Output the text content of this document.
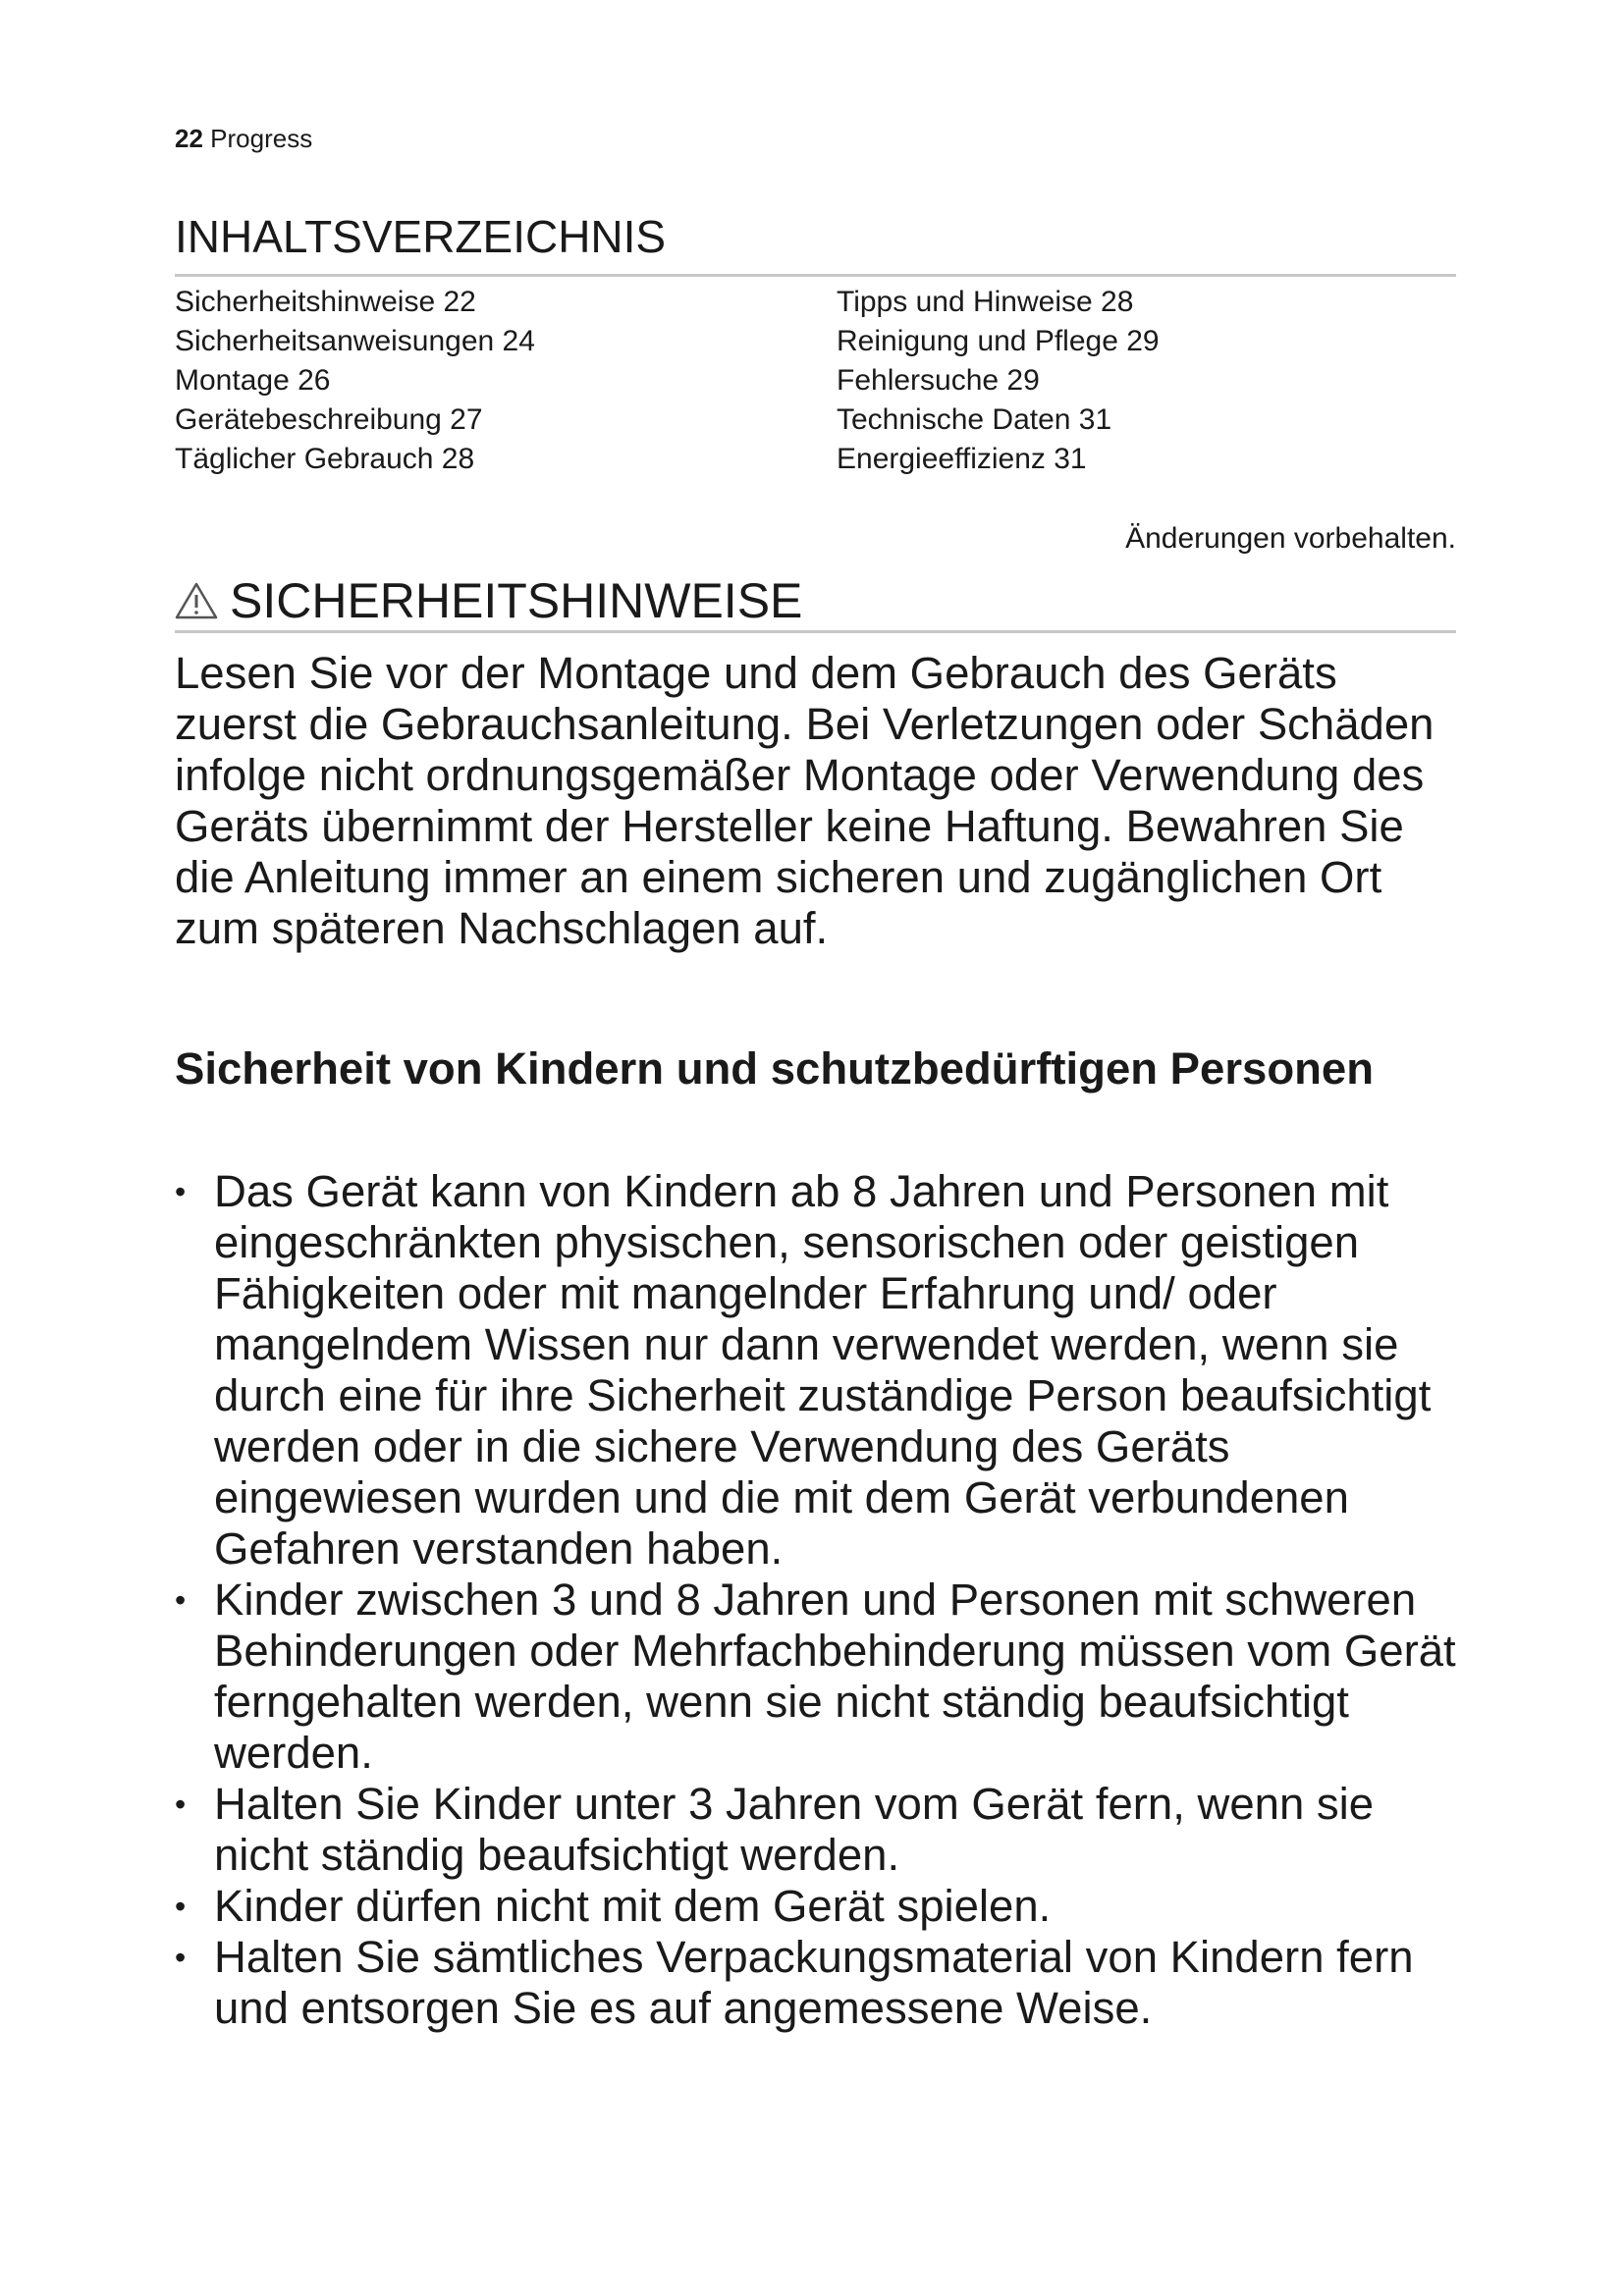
22 Progress
INHALTSVERZEICHNIS
Sicherheitshinweise 22
Sicherheitsanweisungen 24
Montage 26
Gerätebeschreibung 27
Täglicher Gebrauch 28
Tipps und Hinweise 28
Reinigung und Pflege 29
Fehlersuche 29
Technische Daten 31
Energieeffizienz 31
Änderungen vorbehalten.
SICHERHEITSHINWEISE

Lesen Sie vor der Montage und dem Gebrauch des Geräts zuerst die Gebrauchsanleitung. Bei Verletzungen oder Schäden infolge nicht ordnungsgemäßer Montage oder Verwendung des Geräts übernimmt der Hersteller keine Haftung. Bewahren Sie die Anleitung immer an einem sicheren und zugänglichen Ort zum späteren Nachschlagen auf.

Sicherheit von Kindern und schutzbedürftigen Personen
• Das Gerät kann von Kindern ab 8 Jahren und Personen mit eingeschränkten physischen, sensorischen oder geistigen Fähigkeiten oder mit mangelnder Erfahrung und/ oder mangelndem Wissen nur dann verwendet werden, wenn sie durch eine für ihre Sicherheit zuständige Person beaufsichtigt werden oder in die sichere Verwendung des Geräts eingewiesen wurden und die mit dem Gerät verbundenen Gefahren verstanden haben.
• Kinder zwischen 3 und 8 Jahren und Personen mit schweren Behinderungen oder Mehrfachbehinderung müssen vom Gerät ferngehalten werden, wenn sie nicht ständig beaufsichtigt werden.
• Halten Sie Kinder unter 3 Jahren vom Gerät fern, wenn sie nicht ständig beaufsichtigt werden.
• Kinder dürfen nicht mit dem Gerät spielen.
• Halten Sie sämtliches Verpackungsmaterial von Kindern fern und entsorgen Sie es auf angemessene Weise.
